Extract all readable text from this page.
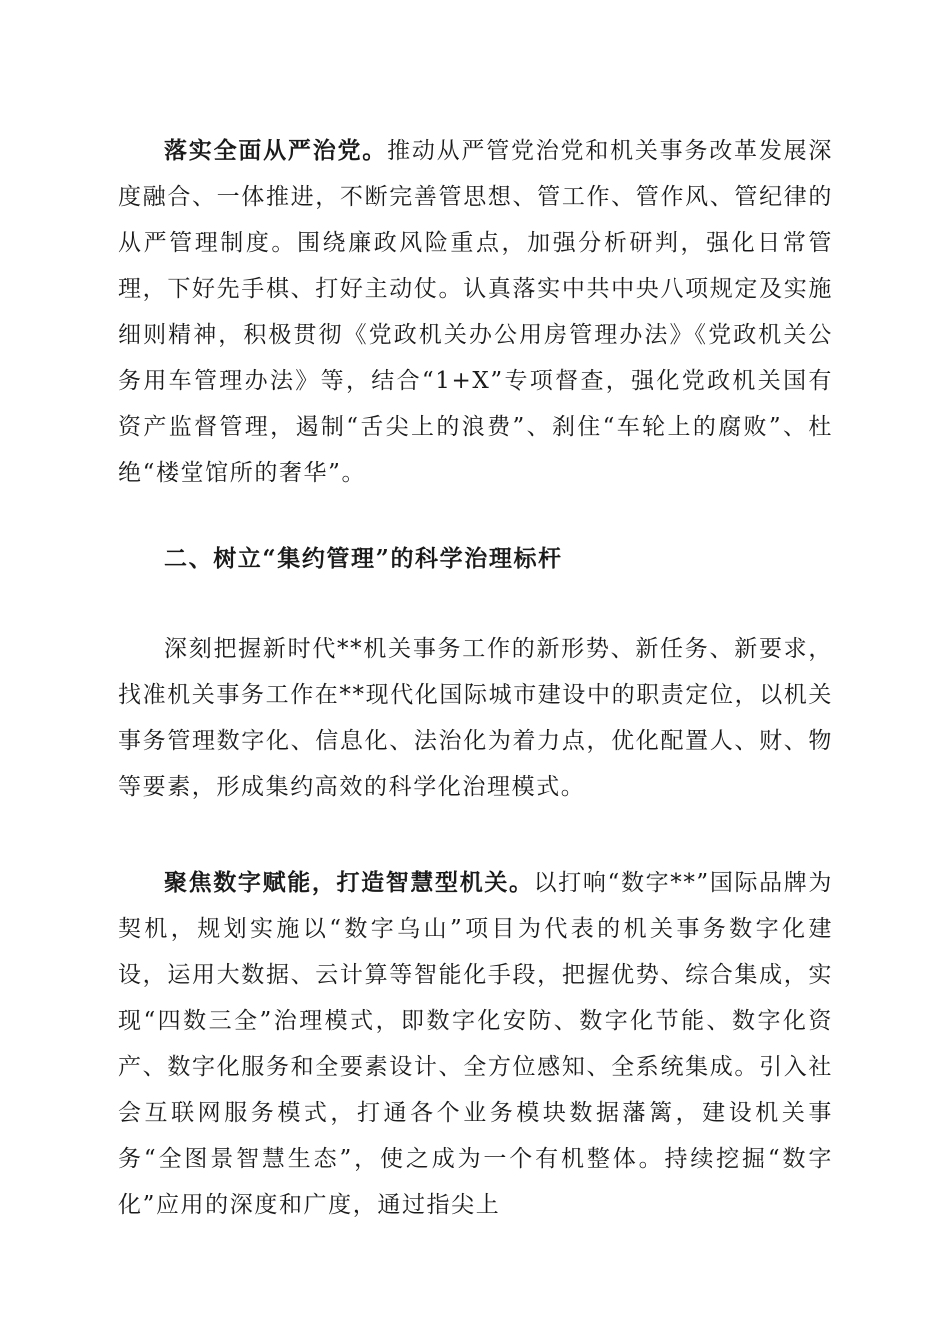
落实全面从严治党。推动从严管党治党和机关事务改革发展深度融合、一体推进，不断完善管思想、管工作、管作风、管纪律的从严管理制度。围绕廉政风险重点，加强分析研判，强化日常管理，下好先手棋、打好主动仗。认真落实中共中央八项规定及实施细则精神，积极贯彻《党政机关办公用房管理办法》《党政机关公务用车管理办法》等，结合“1+X”专项督查，强化党政机关国有资产监督管理，遏制“舌尖上的浪费”、刹住“车轮上的腐败”、杜绝“楼堂馆所的奢华”。

二、树立“集约管理”的科学治理标杆

深刻把握新时代**机关事务工作的新形势、新任务、新要求，找准机关事务工作在**现代化国际城市建设中的职责定位，以机关事务管理数字化、信息化、法治化为着力点，优化配置人、财、物等要素，形成集约高效的科学化治理模式。

聚焦数字赋能，打造智慧型机关。以打响“数字**”国际品牌为契机，规划实施以“数字乌山”项目为代表的机关事务数字化建设，运用大数据、云计算等智能化手段，把握优势、综合集成，实现“四数三全”治理模式，即数字化安防、数字化节能、数字化资产、数字化服务和全要素设计、全方位感知、全系统集成。引入社会互联网服务模式，打通各个业务模块数据藩篱，建设机关事务“全图景智慧生态”，使之成为一个有机整体。持续挖掘“数字化”应用的深度和广度，通过指尖上
